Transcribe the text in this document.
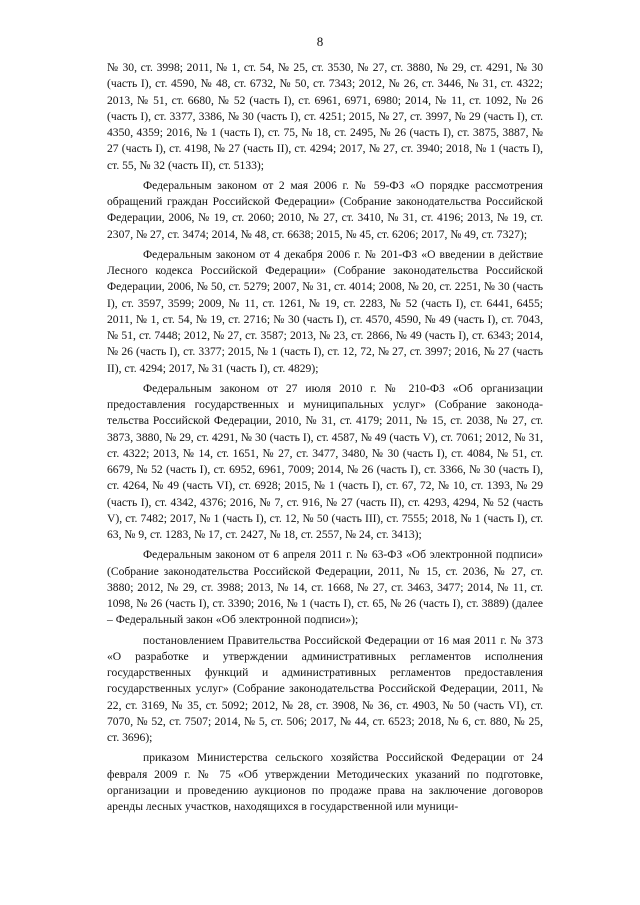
8

№ 30, ст. 3998; 2011, № 1, ст. 54, № 25, ст. 3530, № 27, ст. 3880, № 29, ст. 4291, № 30 (часть I), ст. 4590, № 48, ст. 6732, № 50, ст. 7343; 2012, № 26, ст. 3446, № 31, ст. 4322; 2013, № 51, ст. 6680, № 52 (часть I), ст. 6961, 6971, 6980; 2014, № 11, ст. 1092, № 26 (часть I), ст. 3377, 3386, № 30 (часть I), ст. 4251; 2015, № 27, ст. 3997, № 29 (часть I), ст. 4350, 4359; 2016, № 1 (часть I), ст. 75, № 18, ст. 2495, № 26 (часть I), ст. 3875, 3887, № 27 (часть I), ст. 4198, № 27 (часть II), ст. 4294; 2017, № 27, ст. 3940; 2018, № 1 (часть I), ст. 55, № 32 (часть II), ст. 5133);

Федеральным законом от 2 мая 2006 г. № 59-ФЗ «О порядке рассмотрения обращений граждан Российской Федерации» (Собрание законодательства Российской Федерации, 2006, № 19, ст. 2060; 2010, № 27, ст. 3410, № 31, ст. 4196; 2013, № 19, ст. 2307, № 27, ст. 3474; 2014, № 48, ст. 6638; 2015, № 45, ст. 6206; 2017, № 49, ст. 7327);

Федеральным законом от 4 декабря 2006 г. № 201-ФЗ «О введении в действие Лесного кодекса Российской Федерации» (Собрание законодательства Российской Федерации, 2006, № 50, ст. 5279; 2007, № 31, ст. 4014; 2008, № 20, ст. 2251, № 30 (часть I), ст. 3597, 3599; 2009, № 11, ст. 1261, № 19, ст. 2283, № 52 (часть I), ст. 6441, 6455; 2011, № 1, ст. 54, № 19, ст. 2716; № 30 (часть I), ст. 4570, 4590, № 49 (часть I), ст. 7043, № 51, ст. 7448; 2012, № 27, ст. 3587; 2013, № 23, ст. 2866, № 49 (часть I), ст. 6343; 2014, № 26 (часть I), ст. 3377; 2015, № 1 (часть I), ст. 12, 72, № 27, ст. 3997; 2016, № 27 (часть II), ст. 4294; 2017, № 31 (часть I), ст. 4829);

Федеральным законом от 27 июля 2010 г. № 210-ФЗ «Об организации предоставления государственных и муниципальных услуг» (Собрание законодательства Российской Федерации, 2010, № 31, ст. 4179; 2011, № 15, ст. 2038, № 27, ст. 3873, 3880, № 29, ст. 4291, № 30 (часть I), ст. 4587, № 49 (часть V), ст. 7061; 2012, № 31, ст. 4322; 2013, № 14, ст. 1651, № 27, ст. 3477, 3480, № 30 (часть I), ст. 4084, № 51, ст. 6679, № 52 (часть I), ст. 6952, 6961, 7009; 2014, № 26 (часть I), ст. 3366, № 30 (часть I), ст. 4264, № 49 (часть VI), ст. 6928; 2015, № 1 (часть I), ст. 67, 72, № 10, ст. 1393, № 29 (часть I), ст. 4342, 4376; 2016, № 7, ст. 916, № 27 (часть II), ст. 4293, 4294, № 52 (часть V), ст. 7482; 2017, № 1 (часть I), ст. 12, № 50 (часть III), ст. 7555; 2018, № 1 (часть I), ст. 63, № 9, ст. 1283, № 17, ст. 2427, № 18, ст. 2557, № 24, ст. 3413);

Федеральным законом от 6 апреля 2011 г. № 63-ФЗ «Об электронной подписи» (Собрание законодательства Российской Федерации, 2011, № 15, ст. 2036, № 27, ст. 3880; 2012, № 29, ст. 3988; 2013, № 14, ст. 1668, № 27, ст. 3463, 3477; 2014, № 11, ст. 1098, № 26 (часть I), ст. 3390; 2016, № 1 (часть I), ст. 65, № 26 (часть I), ст. 3889) (далее – Федеральный закон «Об электронной подписи»);

постановлением Правительства Российской Федерации от 16 мая 2011 г. № 373 «О разработке и утверждении административных регламентов исполнения государственных функций и административных регламентов предоставления государственных услуг» (Собрание законодательства Российской Федерации, 2011, № 22, ст. 3169, № 35, ст. 5092; 2012, № 28, ст. 3908, № 36, ст. 4903, № 50 (часть VI), ст. 7070, № 52, ст. 7507; 2014, № 5, ст. 506; 2017, № 44, ст. 6523; 2018, № 6, ст. 880, № 25, ст. 3696);

приказом Министерства сельского хозяйства Российской Федерации от 24 февраля 2009 г. № 75 «Об утверждении Методических указаний по подготовке, организации и проведению аукционов по продаже права на заключение договоров аренды лесных участков, находящихся в государственной или муници-
